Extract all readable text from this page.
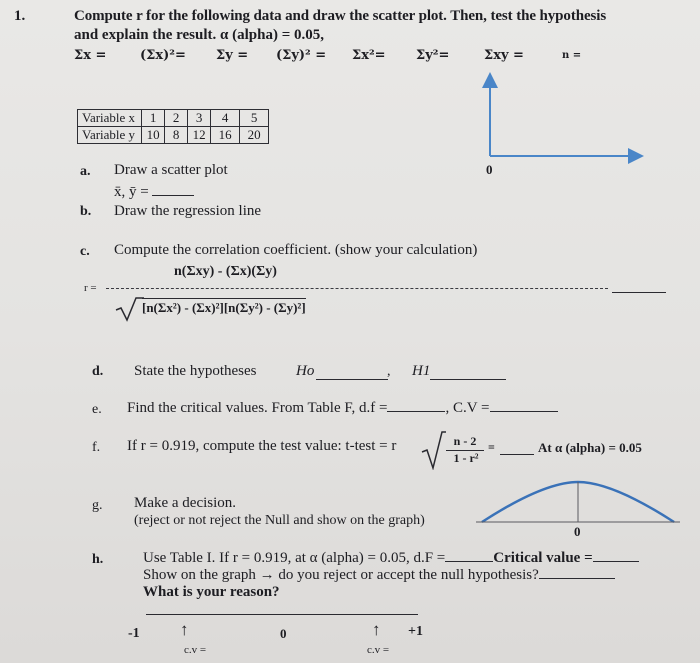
1.	Compute r for the following data and draw the scatter plot. Then, test the hypothesis
and explain the result. α (alpha) = 0.05,
Σx =	(Σx)²= Σy = (Σy)² = Σx²= Σy²=	Σxy =	n =
Variable x	1	2	3	4	5
Variable y	10	8	12	16	20
0
a. Draw a scatter plot
x̄, ȳ =
b. Draw the regression line
c. Compute the correlation coefficient. (show your calculation)
n(Σxy) - (Σx)(Σy)
r =
[n(Σx²) - (Σx)²][n(Σy²) - (Σy)²]
d. State the hypotheses	Ho	, H1
e. Find the critical values. From Table F, d.f =	, C.V =
f. If r = 0.919, compute the test value: t-test = r	n - 2
1 - r²
=	At α (alpha) = 0.05
g. Make a decision.
(reject or not reject the Null and show on the graph)
0
h.	Use Table I. If r = 0.919, at α (alpha) = 0.05, d.F =	Critical value =
Show on the graph → do you reject or accept the null hypothesis?
What is your reason?
-1 ↑	0	↑ +1
c.v =	c.v =
